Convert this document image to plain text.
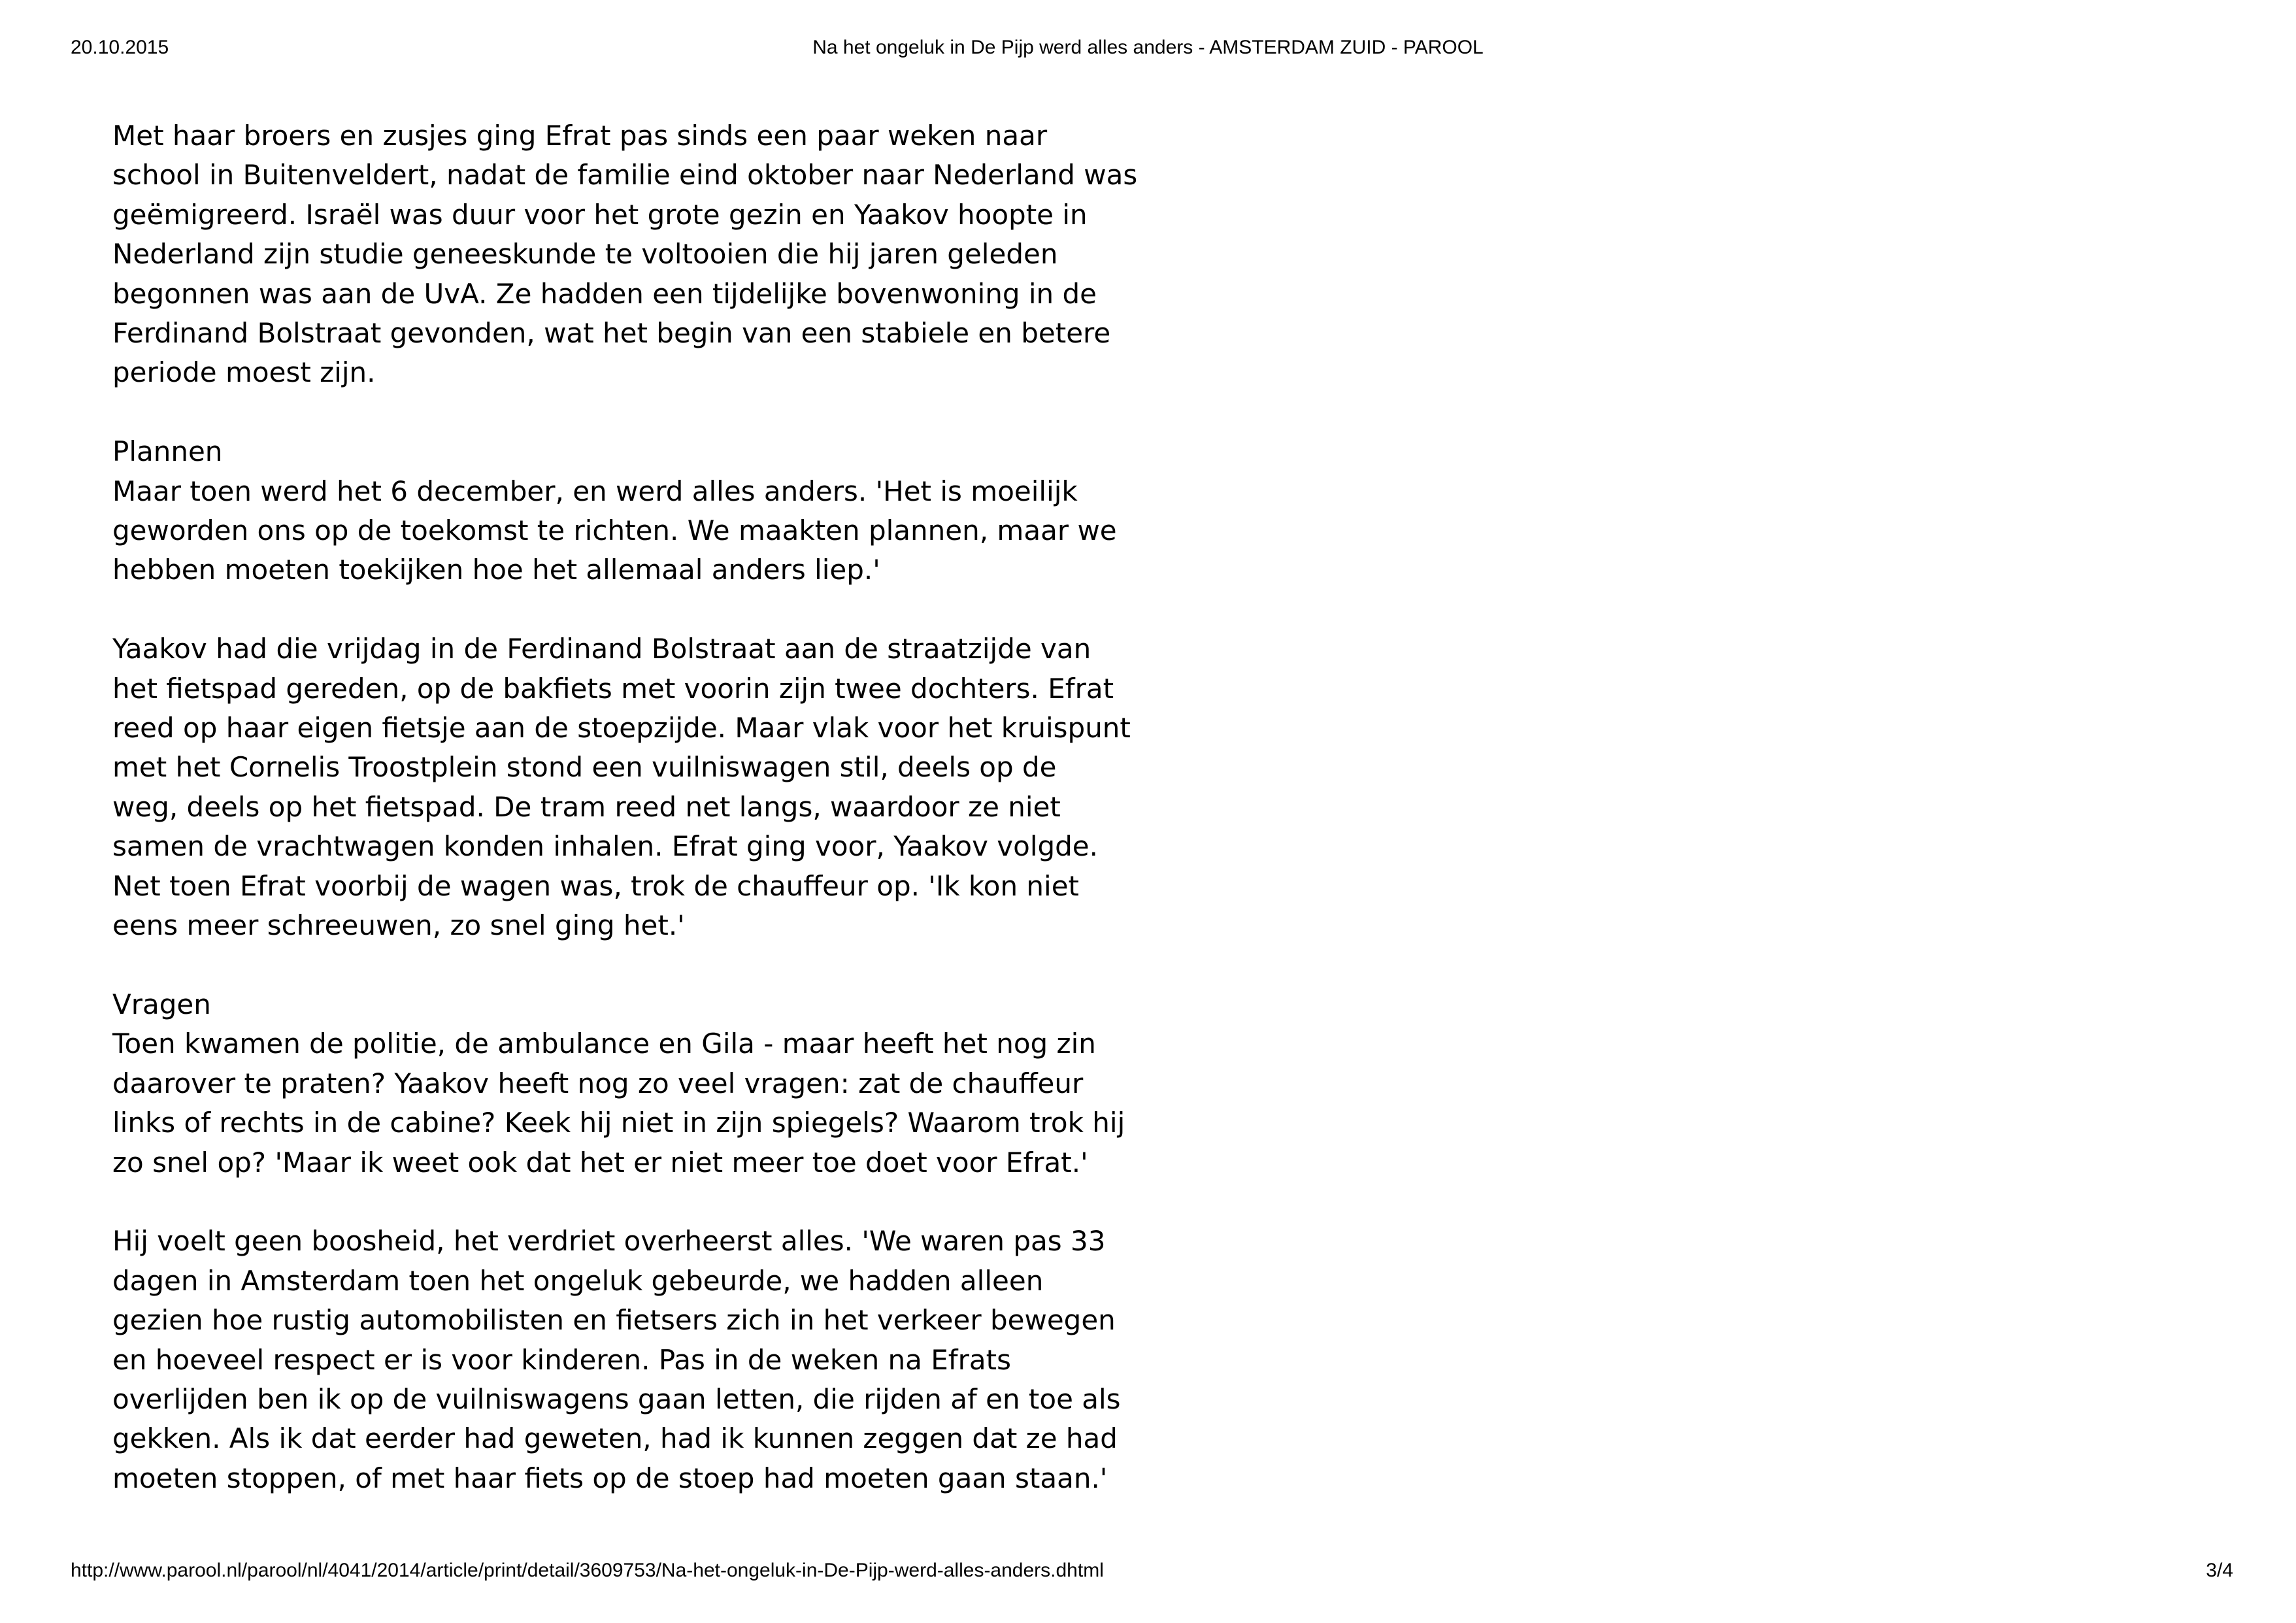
20.10.2015	Na het ongeluk in De Pijp werd alles anders - AMSTERDAM ZUID - PAROOL
Met haar broers en zusjes ging Efrat pas sinds een paar weken naar
school in Buitenveldert, nadat de familie eind oktober naar Nederland was
geëmigreerd. Israël was duur voor het grote gezin en Yaakov hoopte in
Nederland zijn studie geneeskunde te voltooien die hij jaren geleden
begonnen was aan de UvA. Ze hadden een tijdelijke bovenwoning in de
Ferdinand Bolstraat gevonden, wat het begin van een stabiele en betere
periode moest zijn.
Plannen
Maar toen werd het 6 december, en werd alles anders. 'Het is moeilijk
geworden ons op de toekomst te richten. We maakten plannen, maar we
hebben moeten toekijken hoe het allemaal anders liep.'
Yaakov had die vrijdag in de Ferdinand Bolstraat aan de straatzijde van
het fietspad gereden, op de bakfiets met voorin zijn twee dochters. Efrat
reed op haar eigen fietsje aan de stoepzijde. Maar vlak voor het kruispunt
met het Cornelis Troostplein stond een vuilniswagen stil, deels op de
weg, deels op het fietspad. De tram reed net langs, waardoor ze niet
samen de vrachtwagen konden inhalen. Efrat ging voor, Yaakov volgde.
Net toen Efrat voorbij de wagen was, trok de chauffeur op. 'Ik kon niet
eens meer schreeuwen, zo snel ging het.'
Vragen
Toen kwamen de politie, de ambulance en Gila - maar heeft het nog zin
daarover te praten? Yaakov heeft nog zo veel vragen: zat de chauffeur
links of rechts in de cabine? Keek hij niet in zijn spiegels? Waarom trok hij
zo snel op? 'Maar ik weet ook dat het er niet meer toe doet voor Efrat.'
Hij voelt geen boosheid, het verdriet overheerst alles. 'We waren pas 33
dagen in Amsterdam toen het ongeluk gebeurde, we hadden alleen
gezien hoe rustig automobilisten en fietsers zich in het verkeer bewegen
en hoeveel respect er is voor kinderen. Pas in de weken na Efrats
overlijden ben ik op de vuilniswagens gaan letten, die rijden af en toe als
gekken. Als ik dat eerder had geweten, had ik kunnen zeggen dat ze had
moeten stoppen, of met haar fiets op de stoep had moeten gaan staan.'
http://www.parool.nl/parool/nl/4041/2014/article/print/detail/3609753/Na-het-ongeluk-in-De-Pijp-werd-alles-anders.dhtml	3/4
